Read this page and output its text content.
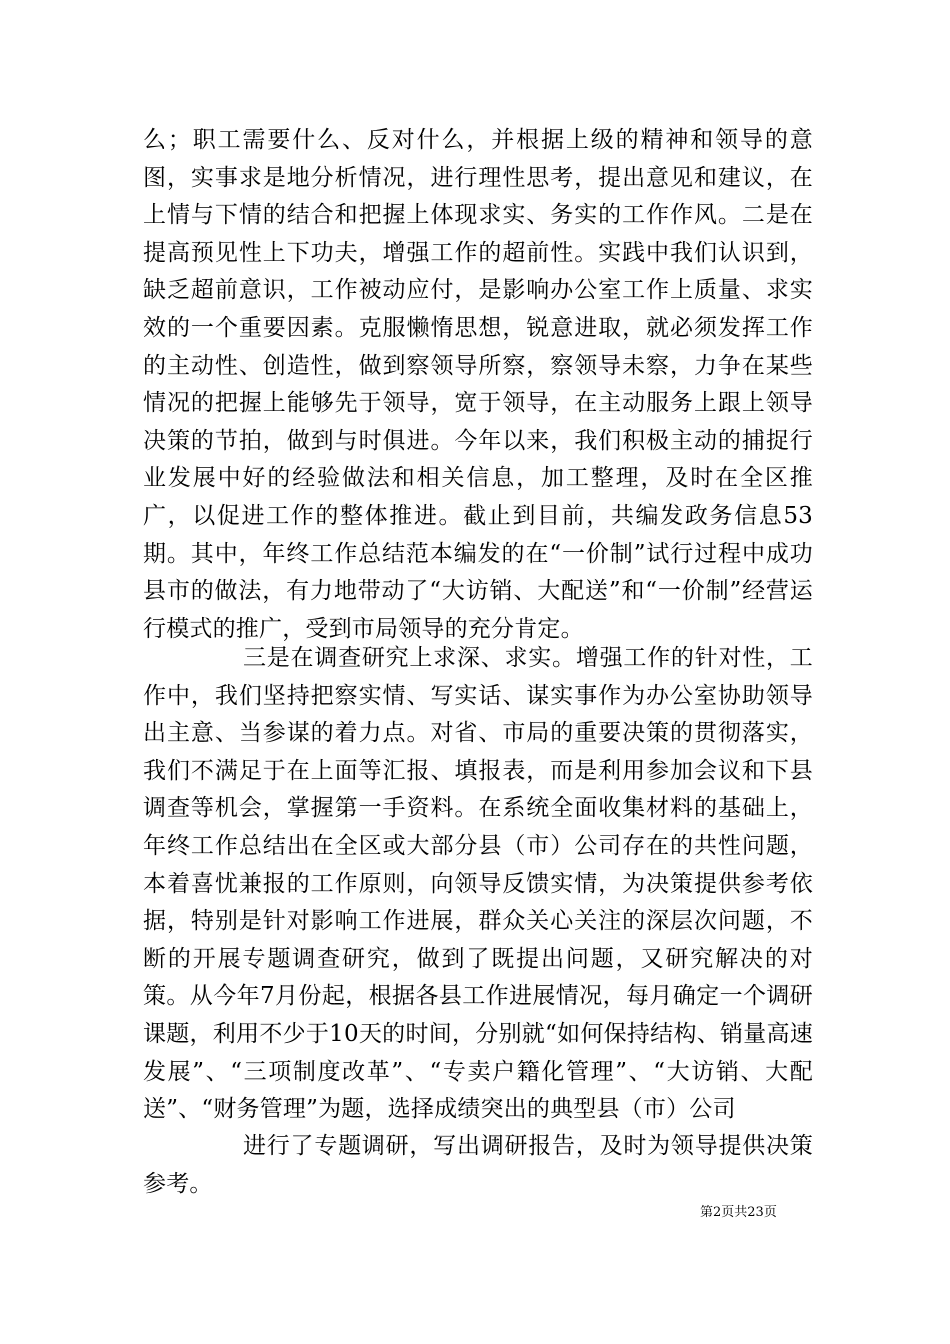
么；职工需要什么、反对什么，并根据上级的精神和领导的意图，实事求是地分析情况，进行理性思考，提出意见和建议，在上情与下情的结合和把握上体现求实、务实的工作作风。二是在提高预见性上下功夫，增强工作的超前性。实践中我们认识到，缺乏超前意识，工作被动应付，是影响办公室工作上质量、求实效的一个重要因素。克服懒惰思想，锐意进取，就必须发挥工作的主动性、创造性，做到察领导所察，察领导未察，力争在某些情况的把握上能够先于领导，宽于领导，在主动服务上跟上领导决策的节拍，做到与时俱进。今年以来，我们积极主动的捕捉行业发展中好的经验做法和相关信息，加工整理，及时在全区推广，以促进工作的整体推进。截止到目前，共编发政务信息53期。其中，年终工作总结范本编发的在“一价制”试行过程中成功县市的做法，有力地带动了“大访销、大配送”和“一价制”经营运行模式的推广，受到市局领导的充分肯定。

三是在调查研究上求深、求实。增强工作的针对性，工作中，我们坚持把察实情、写实话、谋实事作为办公室协助领导出主意、当参谋的着力点。对省、市局的重要决策的贯彻落实，我们不满足于在上面等汇报、填报表，而是利用参加会议和下县调查等机会，掌握第一手资料。在系统全面收集材料的基础上，年终工作总结出在全区或大部分县（市）公司存在的共性问题，本着喜忧兼报的工作原则，向领导反馈实情，为决策提供参考依据，特别是针对影响工作进展，群众关心关注的深层次问题，不断的开展专题调查研究，做到了既提出问题，又研究解决的对策。从今年7月份起，根据各县工作进展情况，每月确定一个调研课题，利用不少于10天的时间，分别就“如何保持结构、销量高速发展”、“三项制度改革”、“专卖户籍化管理”、“大访销、大配送”、“财务管理”为题，选择成绩突出的典型县（市）公司

进行了专题调研，写出调研报告，及时为领导提供决策参考。

第2页共23页
